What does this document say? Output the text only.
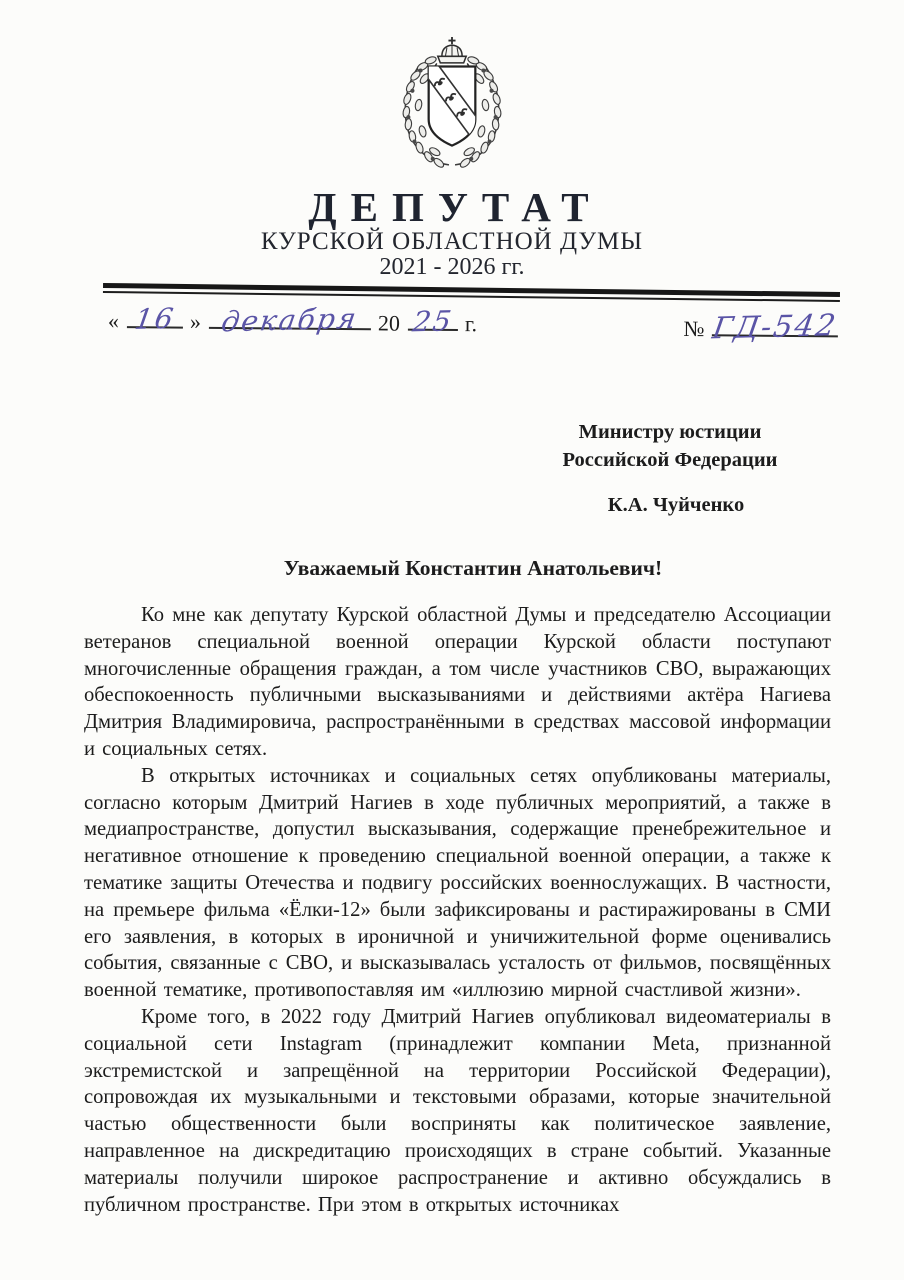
ДЕПУТАТ
КУРСКОЙ ОБЛАСТНОЙ ДУМЫ
2021 - 2026 гг.
« 16 » декабря 20 25 г.	№ ГД-542
Министру юстиции
Российской Федерации
К.А. Чуйченко
Уважаемый Константин Анатольевич!

Ко мне как депутату Курской областной Думы и председателю Ассоциации ветеранов специальной военной операции Курской области поступают многочисленные обращения граждан, а том числе участников СВО, выражающих обеспокоенность публичными высказываниями и действиями актёра Нагиева Дмитрия Владимировича, распространёнными в средствах массовой информации и социальных сетях.

В открытых источниках и социальных сетях опубликованы материалы, согласно которым Дмитрий Нагиев в ходе публичных мероприятий, а также в медиапространстве, допустил высказывания, содержащие пренебрежительное и негативное отношение к проведению специальной военной операции, а также к тематике защиты Отечества и подвигу российских военнослужащих. В частности, на премьере фильма «Ёлки-12» были зафиксированы и растиражированы в СМИ его заявления, в которых в ироничной и уничижительной форме оценивались события, связанные с СВО, и высказывалась усталость от фильмов, посвящённых военной тематике, противопоставляя им «иллюзию мирной счастливой жизни».

Кроме того, в 2022 году Дмитрий Нагиев опубликовал видеоматериалы в социальной сети Instagram (принадлежит компании Meta, признанной экстремистской и запрещённой на территории Российской Федерации), сопровождая их музыкальными и текстовыми образами, которые значительной частью общественности были восприняты как политическое заявление, направленное на дискредитацию происходящих в стране событий. Указанные материалы получили широкое распространение и активно обсуждались в публичном пространстве. При этом в открытых источниках
